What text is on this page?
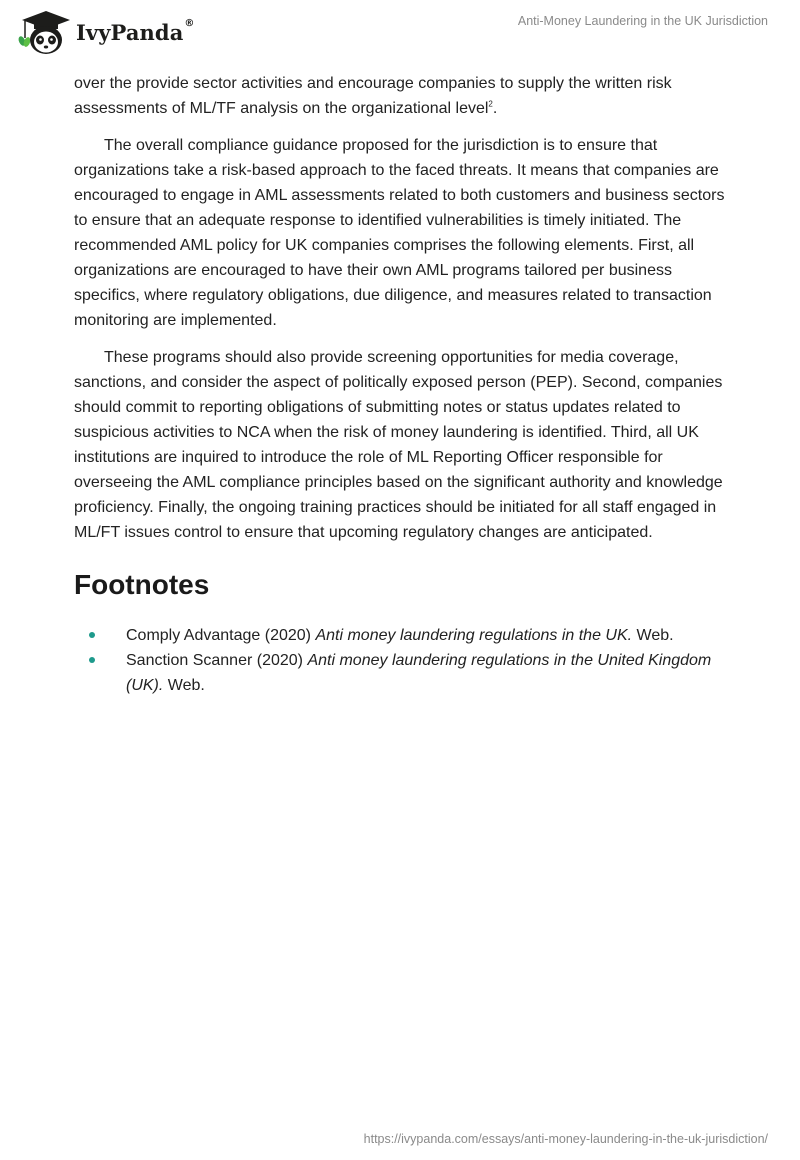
IvyPanda®	Anti-Money Laundering in the UK Jurisdiction

over the provide sector activities and encourage companies to supply the written risk assessments of ML/TF analysis on the organizational level$^2$.

The overall compliance guidance proposed for the jurisdiction is to ensure that organizations take a risk-based approach to the faced threats. It means that companies are encouraged to engage in AML assessments related to both customers and business sectors to ensure that an adequate response to identified vulnerabilities is timely initiated. The recommended AML policy for UK companies comprises the following elements. First, all organizations are encouraged to have their own AML programs tailored per business specifics, where regulatory obligations, due diligence, and measures related to transaction monitoring are implemented.

These programs should also provide screening opportunities for media coverage, sanctions, and consider the aspect of politically exposed person (PEP). Second, companies should commit to reporting obligations of submitting notes or status updates related to suspicious activities to NCA when the risk of money laundering is identified. Third, all UK institutions are inquired to introduce the role of ML Reporting Officer responsible for overseeing the AML compliance principles based on the significant authority and knowledge proficiency. Finally, the ongoing training practices should be initiated for all staff engaged in ML/FT issues control to ensure that upcoming regulatory changes are anticipated.

Footnotes
Comply Advantage (2020) Anti money laundering regulations in the UK. Web.
Sanction Scanner (2020) Anti money laundering regulations in the United Kingdom (UK). Web.
https://ivypanda.com/essays/anti-money-laundering-in-the-uk-jurisdiction/
